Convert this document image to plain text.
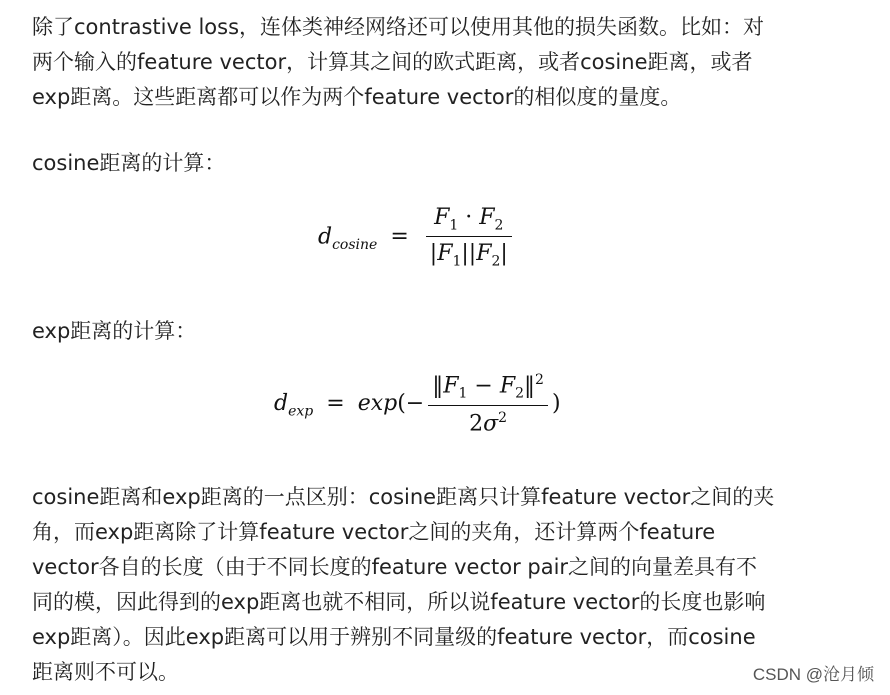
除了contrastive loss，连体类神经网络还可以使用其他的损失函数。比如：对
两个输入的feature vector，计算其之间的欧式距离，或者cosine距离，或者
exp距离。这些距离都可以作为两个feature vector的相似度的量度。
cosine距离的计算：
$d_{cosine} = \frac{F_1 \cdot F_2}{|F_1||F_2|}$
exp距离的计算：
$d_{exp} = \exp(- \frac{‖F_1 - F_2‖^2}{2\sigma^2}$ )
cosine距离和exp距离的一点区别：cosine距离只计算feature vector之间的夹
角，而exp距离除了计算feature vector之间的夹角，还计算两个feature
vector各自的长度（由于不同长度的feature vector pair之间的向量差具有不
同的模，因此得到的exp距离也就不相同，所以说feature vector的长度也影响
exp距离）。因此exp距离可以用于辨别不同量级的feature vector，而cosine
距离则不可以。	CSDN @沧月倾
